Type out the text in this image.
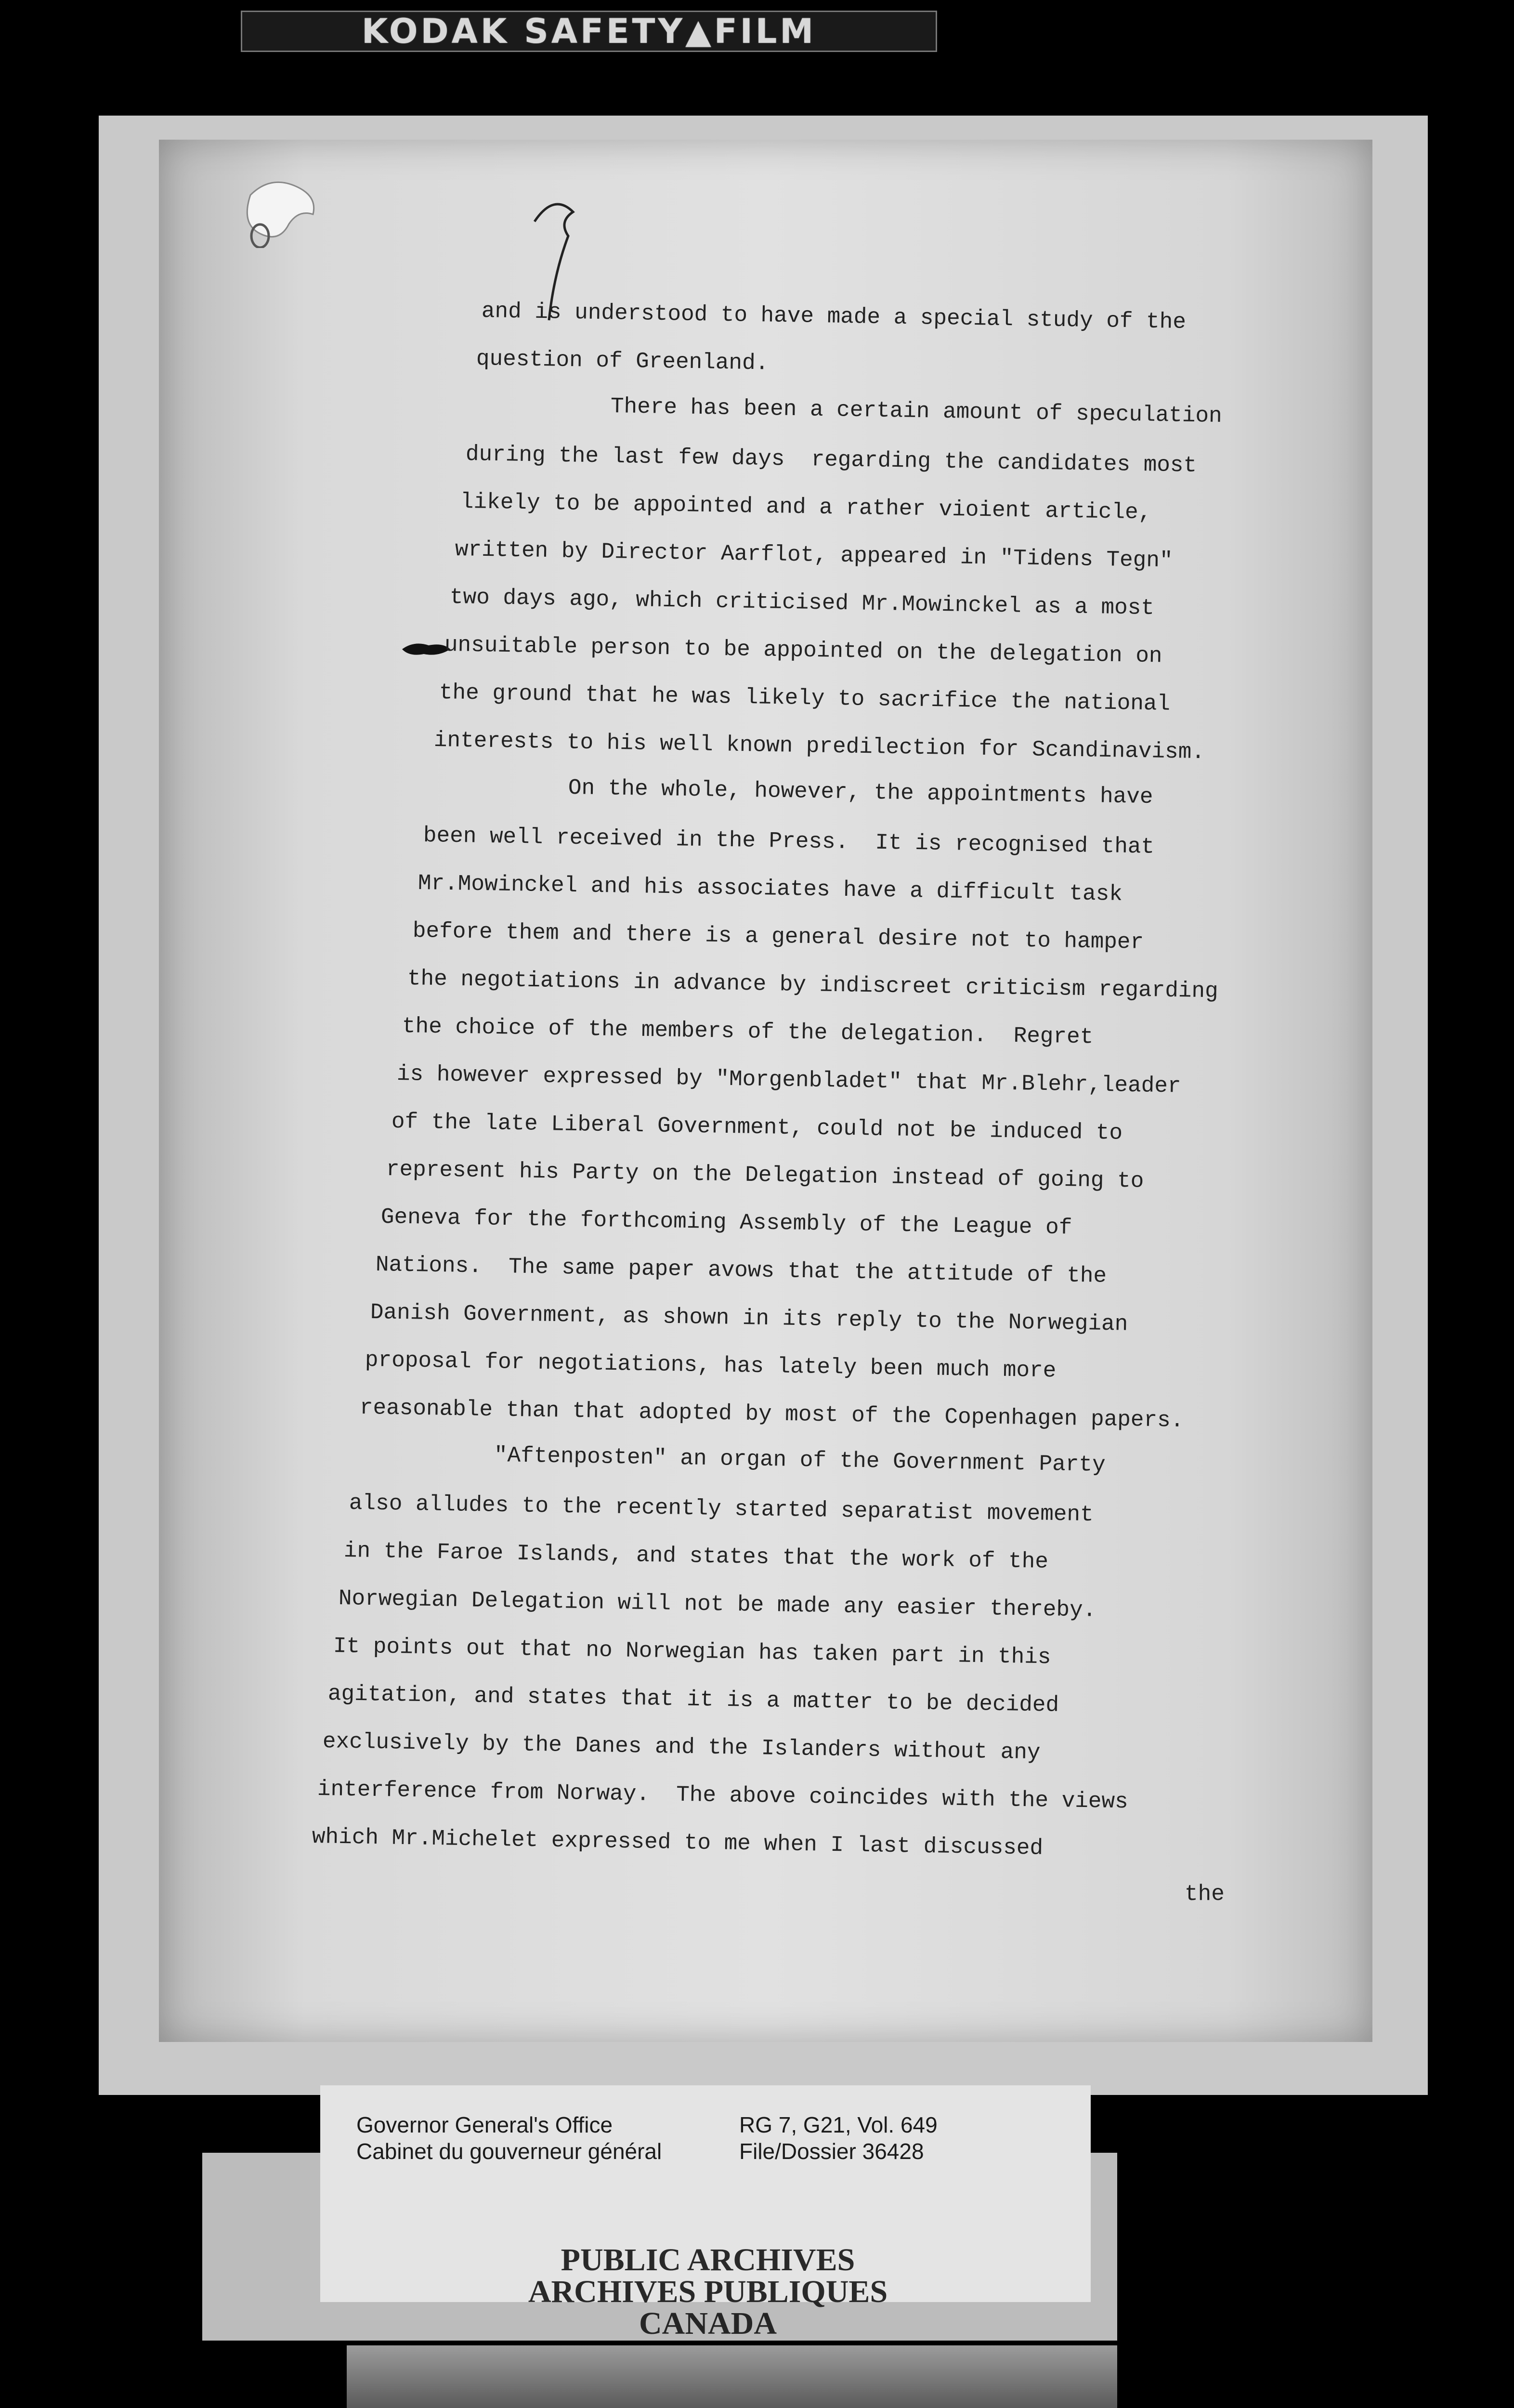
KODAK SAFETY▲FILM
and is understood to have made a special study of the
question of Greenland.
There has been a certain amount of speculation
during the last few days  regarding the candidates most
likely to be appointed and a rather vioient article,
written by Director Aarflot, appeared in "Tidens Tegn"
two days ago, which criticised Mr.Mowinckel as a most
unsuitable person to be appointed on the delegation on
the ground that he was likely to sacrifice the national
interests to his well known predilection for Scandinavism.
On the whole, however, the appointments have
been well received in the Press.  It is recognised that
Mr.Mowinckel and his associates have a difficult task
before them and there is a general desire not to hamper
the negotiations in advance by indiscreet criticism regarding
the choice of the members of the delegation.  Regret
is however expressed by "Morgenbladet" that Mr.Blehr,leader
of the late Liberal Government, could not be induced to
represent his Party on the Delegation instead of going to
Geneva for the forthcoming Assembly of the League of
Nations.  The same paper avows that the attitude of the
Danish Government, as shown in its reply to the Norwegian
proposal for negotiations, has lately been much more
reasonable than that adopted by most of the Copenhagen papers.
"Aftenposten" an organ of the Government Party
also alludes to the recently started separatist movement
in the Faroe Islands, and states that the work of the
Norwegian Delegation will not be made any easier thereby.
It points out that no Norwegian has taken part in this
agitation, and states that it is a matter to be decided
exclusively by the Danes and the Islanders without any
interference from Norway.  The above coincides with the views
which Mr.Michelet expressed to me when I last discussed
the
Governor General's Office
Cabinet du gouverneur général
RG 7, G21, Vol. 649
File/Dossier 36428
PUBLIC ARCHIVES
ARCHIVES PUBLIQUES
CANADA
